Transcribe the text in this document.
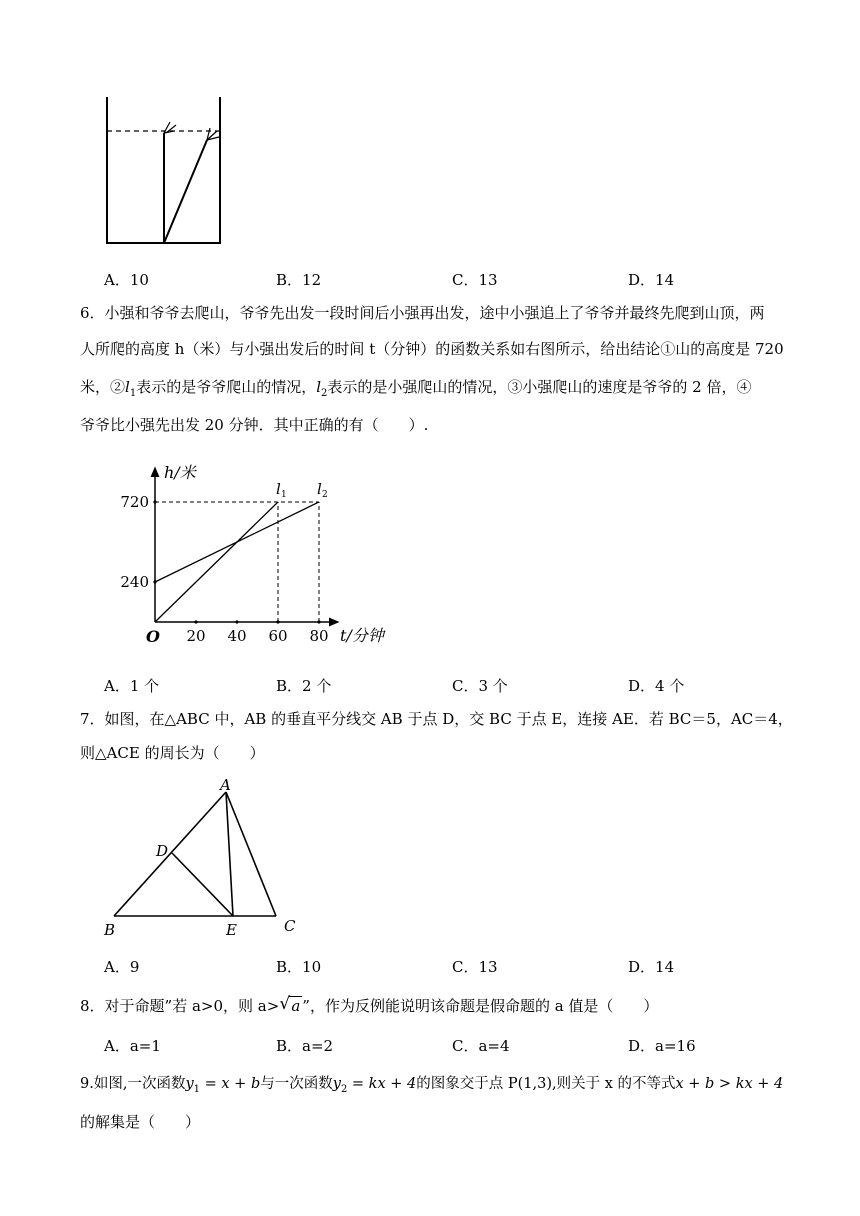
A．10	B．12	C．13	D．14
6．小强和爷爷去爬山，爷爷先出发一段时间后小强再出发，途中小强追上了爷爷并最终先爬到山顶，两
人所爬的高度 h（米）与小强出发后的时间 t（分钟）的函数关系如右图所示，给出结论①山的高度是 720
米，$②l_1$表示的是爷爷爬山的情况，$l_2$表示的是小强爬山的情况，③小强爬山的速度是爷爷的 2 倍，④
爷爷比小强先出发 20 分钟．其中正确的有（　　）.
l 1 l 2
20 40 60 80
240
720
h/米
t/分钟
O
A．1 个	B．2 个	C．3 个	D．4 个
7．如图，在△ABC 中，AB 的垂直平分线交 AB 于点 D，交 BC 于点 E，连接 AE．若 BC＝5，AC＝4，
则△ACE 的周长为（　　）
A
B	C
D
E
A．9	B．10	C．13	D．14
8．对于命题”若 a>0，则 a> √ a ”，作为反例能说明该命题是假命题的 a 值是（　　）
A．a=1	B．a=2	C．a=4	D．a=16
9.如图,一次函数$y_1 = x + b$与一次函数$y_2$ = kx + 4的图象交于点 P(1,3),则关于 x 的不等式x + b > kx + 4
的解集是（　　）
